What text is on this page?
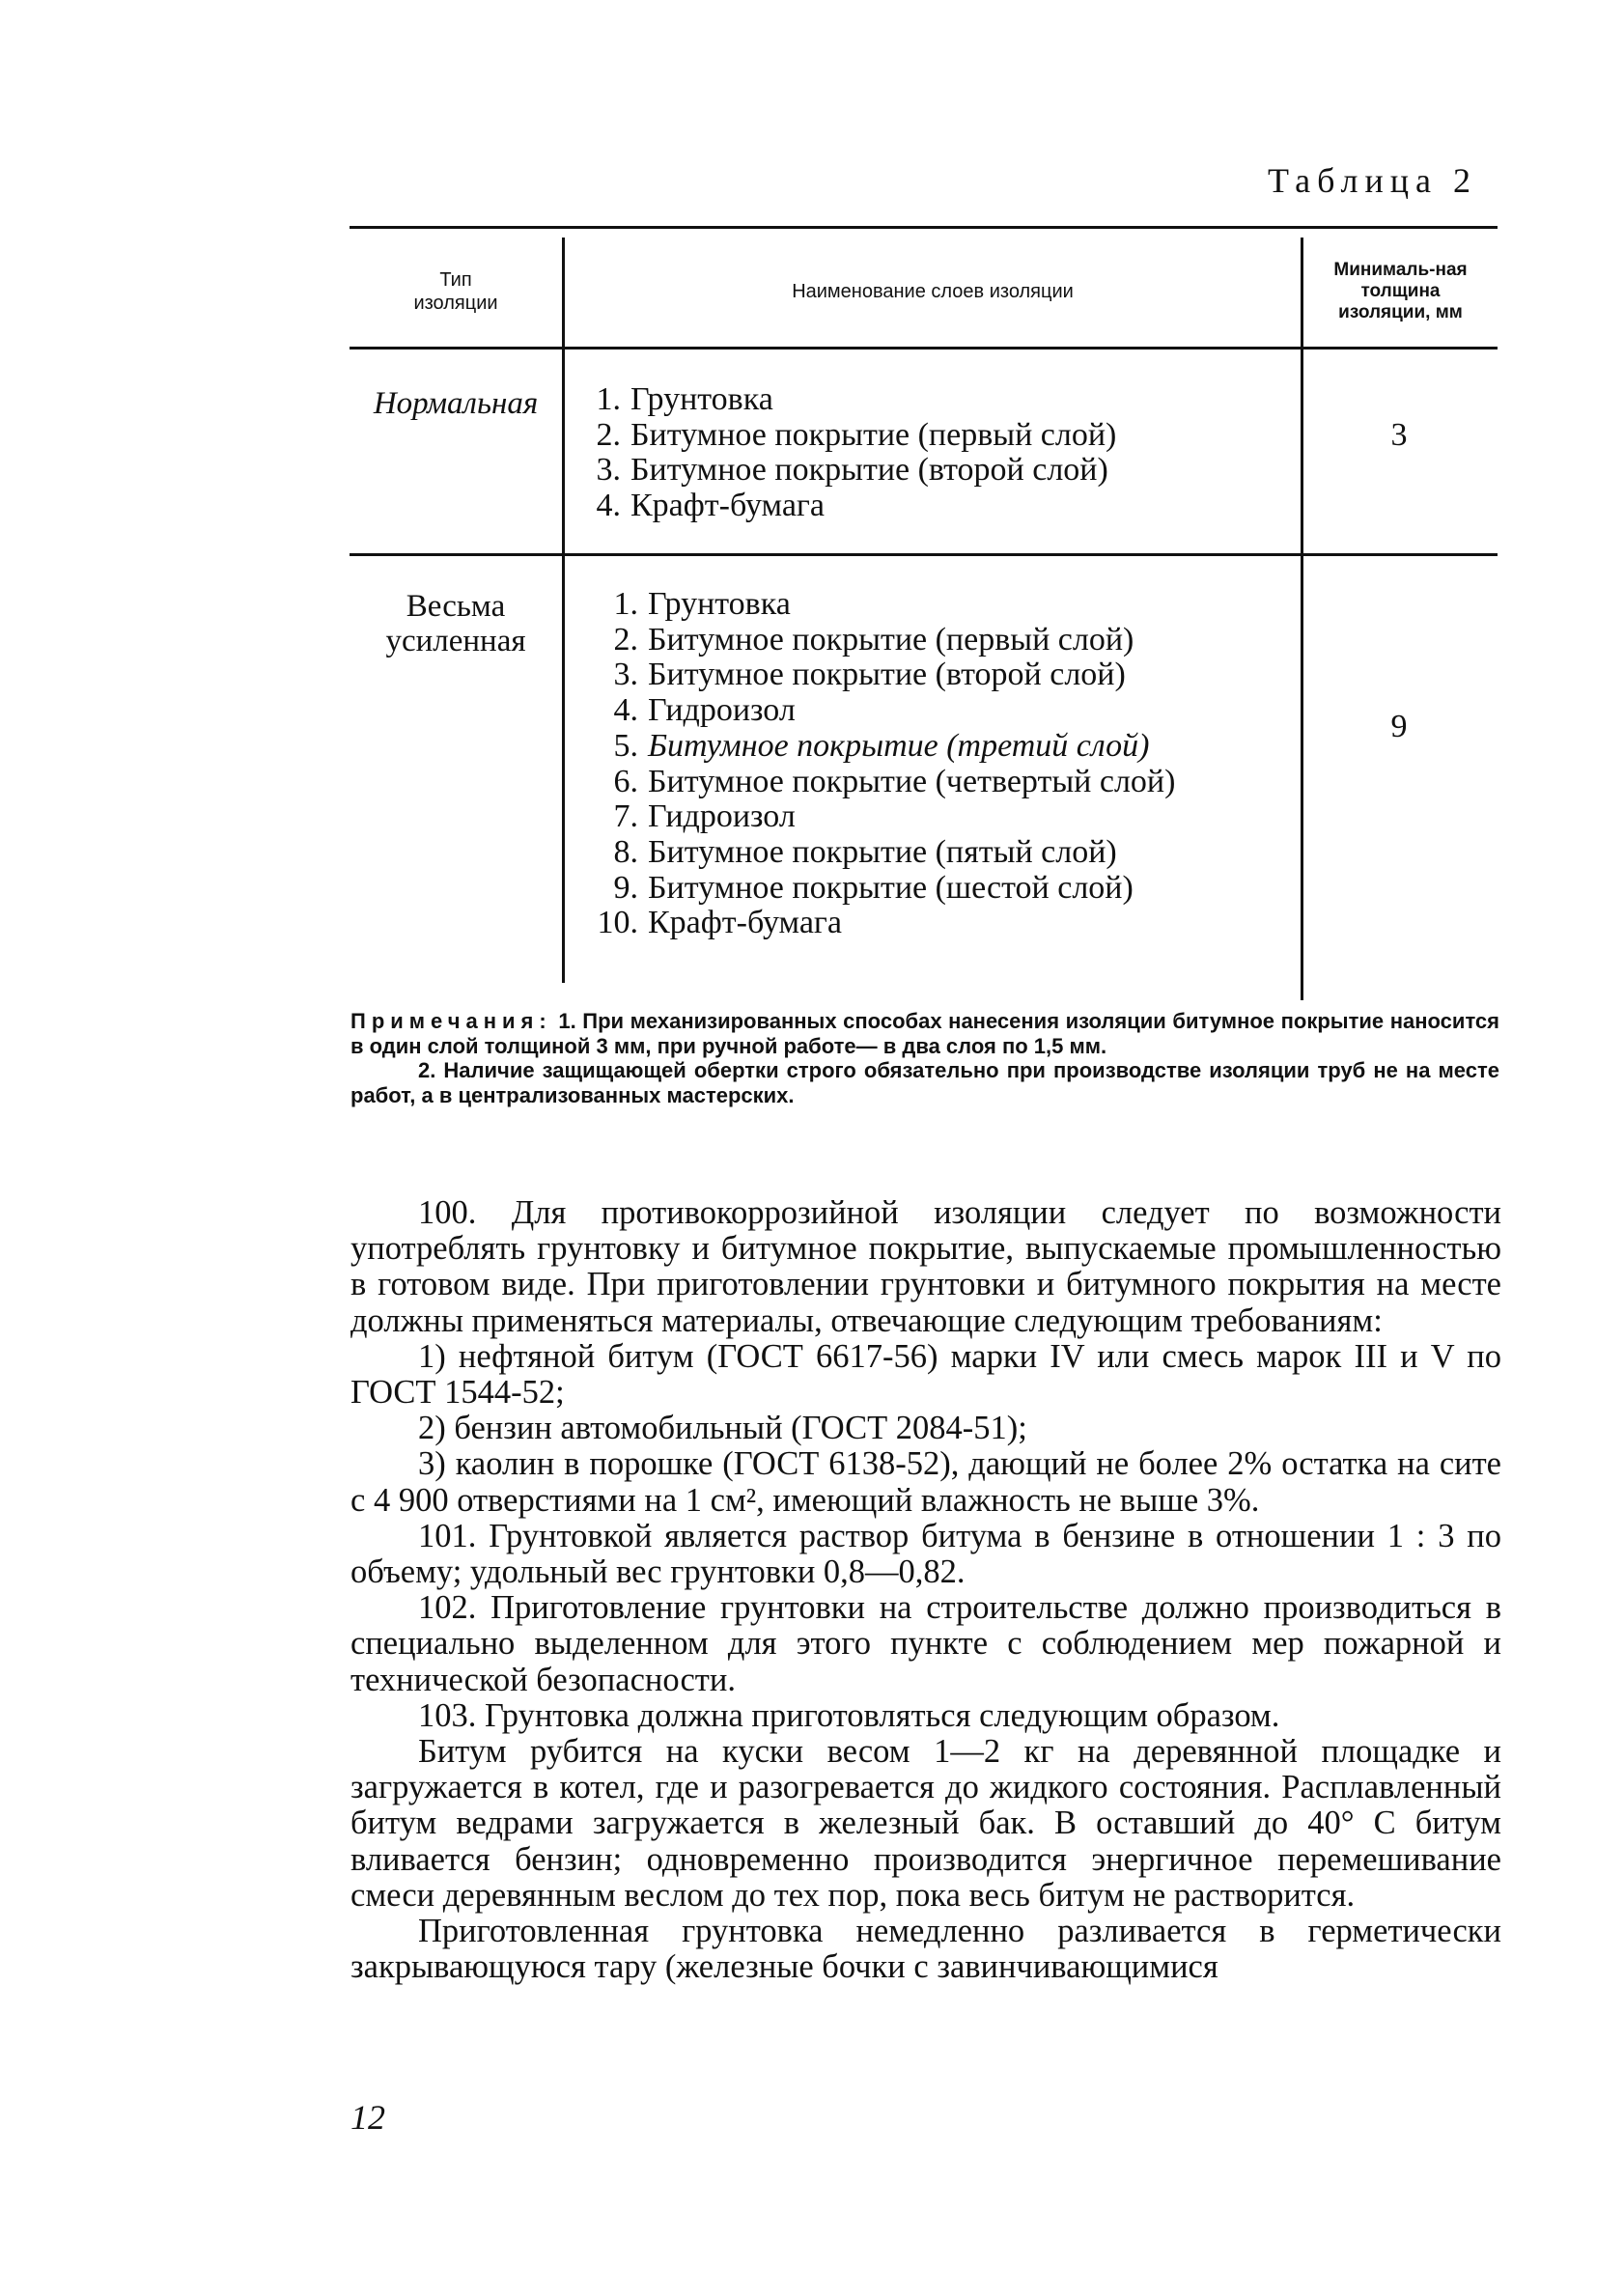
Таблица 2
Тип изоляции
Наименование слоев изоляции
Минималь-ная толщина изоляции, мм
Нормальная	1. Грунтовка
2. Битумное покрытие (первый слой)
3. Битумное покрытие (второй слой)
4. Крафт-бумага
3
Весьма усиленная
1. Грунтовка
2. Битумное покрытие (первый слой)
3. Битумное покрытие (второй слой)
4. Гидроизол
5. Битумное покрытие (третий слой)
6. Битумное покрытие (четвертый слой)
7. Гидроизол
8. Битумное покрытие (пятый слой)
9. Битумное покрытие (шестой слой)
10. Крафт-бумага
9

Примечания: 1. При механизированных способах нанесения изоляции битумное покрытие наносится в один слой толщиной 3 мм, при ручной работе— в два слоя по 1,5 мм.

2. Наличие защищающей обертки строго обязательно при производстве изоляции труб не на месте работ, а в централизованных мастерских.

100. Для противокоррозийной изоляции следует по возможности употреблять грунтовку и битумное покрытие, выпускаемые промышленностью в готовом виде. При приготовлении грунтовки и битумного покрытия на месте должны применяться материалы, отвечающие следующим требованиям:

1) нефтяной битум (ГОСТ 6617-56) марки IV или смесь марок III и V по ГОСТ 1544-52;

2) бензин автомобильный (ГОСТ 2084-51);

3) каолин в порошке (ГОСТ 6138-52), дающий не более 2% остатка на сите с 4 900 отверстиями на 1 см², имеющий влажность не выше 3%.

101. Грунтовкой является раствор битума в бензине в отношении 1 : 3 по объему; удольный вес грунтовки 0,8—0,82.

102. Приготовление грунтовки на строительстве должно производиться в специально выделенном для этого пункте с соблюдением мер пожарной и технической безопасности.

103. Грунтовка должна приготовляться следующим образом.

Битум рубится на куски весом 1—2 кг на деревянной площадке и загружается в котел, где и разогревается до жидкого состояния. Расплавленный битум ведрами загружается в железный бак. В оставший до 40° С битум вливается бензин; одновременно производится энергичное перемешивание смеси деревянным веслом до тех пор, пока весь битум не растворится.

Приготовленная грунтовка немедленно разливается в герметически закрывающуюся тару (железные бочки с завинчивающимися

12
